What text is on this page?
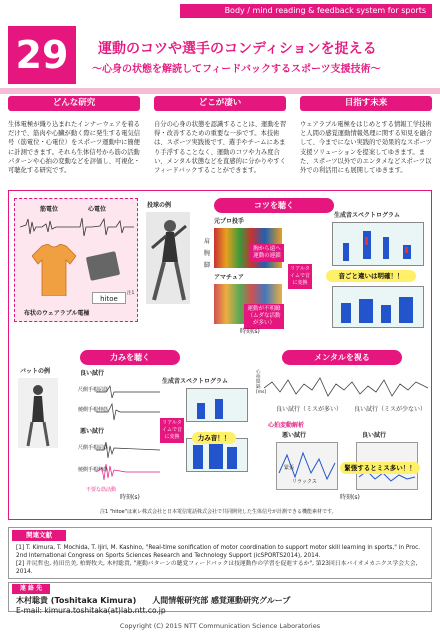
Body / mind reading & feedback system for sports
29	運動のコツや選手のコンディションを捉える
〜心身の状態を解読してフィードバックするスポーツ支援技術〜
どんな研究	どこが凄い	目指す未来
生体電極が織り込まれたインナーウェアを着るだけで、筋肉や心臓が動く際に発生する電気信号（筋電位・心電位）をスポーツ運動中に簡便に計測できます。それら生体信号から筋の活動パターンや心拍の変動などを評価し、可視化・可聴化する研究です。
自分の心身の状態を認識することは、運動を習得・改善するための重要な一歩です。本技術は、スポーツ実践後です、選手やチームにあまり手浮することなく、運動のコツや力み度合い、メンタル状態などを直感的に分かりやすくフィードバックすることができます。
ウェアラブル電極をはじめとする情報工学技術と人間の感覚運動情報処理に関する知見を融合して、今までにない実践的で効果的なスポーツ支援ソリューションを提案してゆきます。また、スポーツ以外でのエンタメなどスポーツ以外での利活用にも展開してゆきます。
筋電位	心電位
hitoe
注1
布状のウェアラブル電極
投球の例	コツを聴く
元プロ投手
胸から遠へ運動の連鎖
アマチュア
運動が不明瞭（ムダな活動が多い）
時刻(s)
肩
腕
脚	リアルタイムで音に変換
生成音スペクトログラム
音ごと違いは明確！！
力みを聴く
バットの例	良い試行
尺側手根屈筋
橈側手根伸筋
悪い試行
尺側手根屈筋
橈側手根伸筋
不要な筋活動
時刻(s)
リアルタイムで音に変換
生成音スペクトログラム
力み音！！
メンタルを視る
心拍間隔[ms]
良い試行（ミスが多い） 良い試行（ミスが少ない）
心拍変動解析
悪い試行	良い試行
緊張
リラックス
緊張するとミス多い！！
時刻(s)
注1 "hitoe"は東レ株式会社と日本電信電話株式会社で共同開発した生体信号が計測できる機能素材です。
関連文献
[1] T. Kimura, T. Mochida, T. Ijiri, M. Kashino, "Real-time sonification of motor coordination to support motor skill learning in sports," in Proc. 2nd International Congress on Sports Sciences Research and Technology Support (icSPORTS2014), 2014.
[2] 井尻哲也, 持田岳美, 柏野牧夫, 木村聡貴, "運動パターンの聴覚フィードバックは技運動作の学習を促進するか", 第23回日本バイオメカニクス学会大会, 2014.
連 絡 先
木村聡貴 (Toshitaka Kimura)　　人間情報研究部 感覚運動研究グループ
E-mail: kimura.toshitaka(at)lab.ntt.co.jp
Copyright (C) 2015 NTT Communication Science Laboratories
